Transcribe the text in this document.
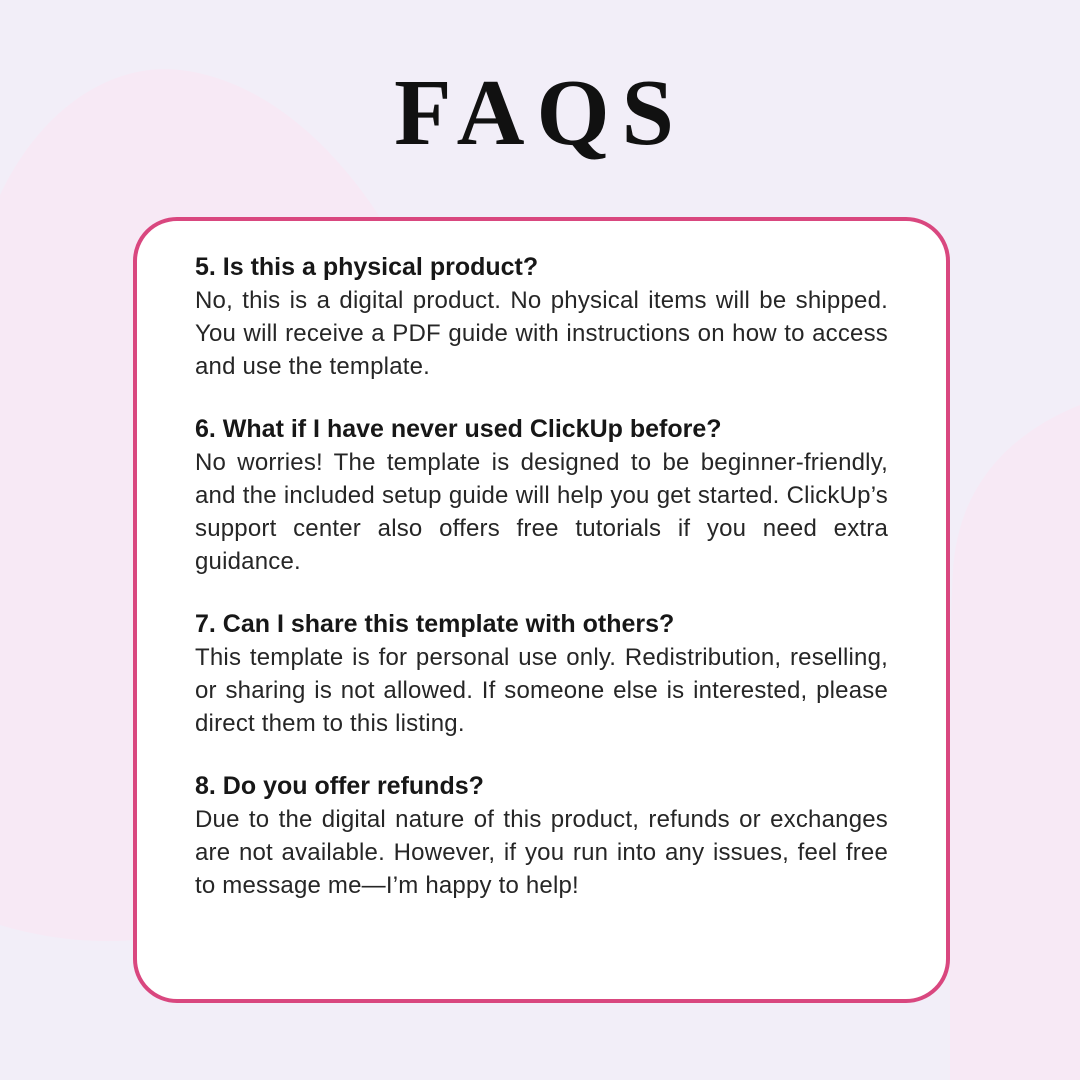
FAQS
5. Is this a physical product?
No, this is a digital product. No physical items will be shipped. You will receive a PDF guide with instructions on how to access and use the template.
6. What if I have never used ClickUp before?
No worries! The template is designed to be beginner-friendly, and the included setup guide will help you get started. ClickUp’s support center also offers free tutorials if you need extra guidance.
7. Can I share this template with others?
This template is for personal use only. Redistribution, reselling, or sharing is not allowed. If someone else is interested, please direct them to this listing.
8. Do you offer refunds?
Due to the digital nature of this product, refunds or exchanges are not available. However, if you run into any issues, feel free to message me—I’m happy to help!
